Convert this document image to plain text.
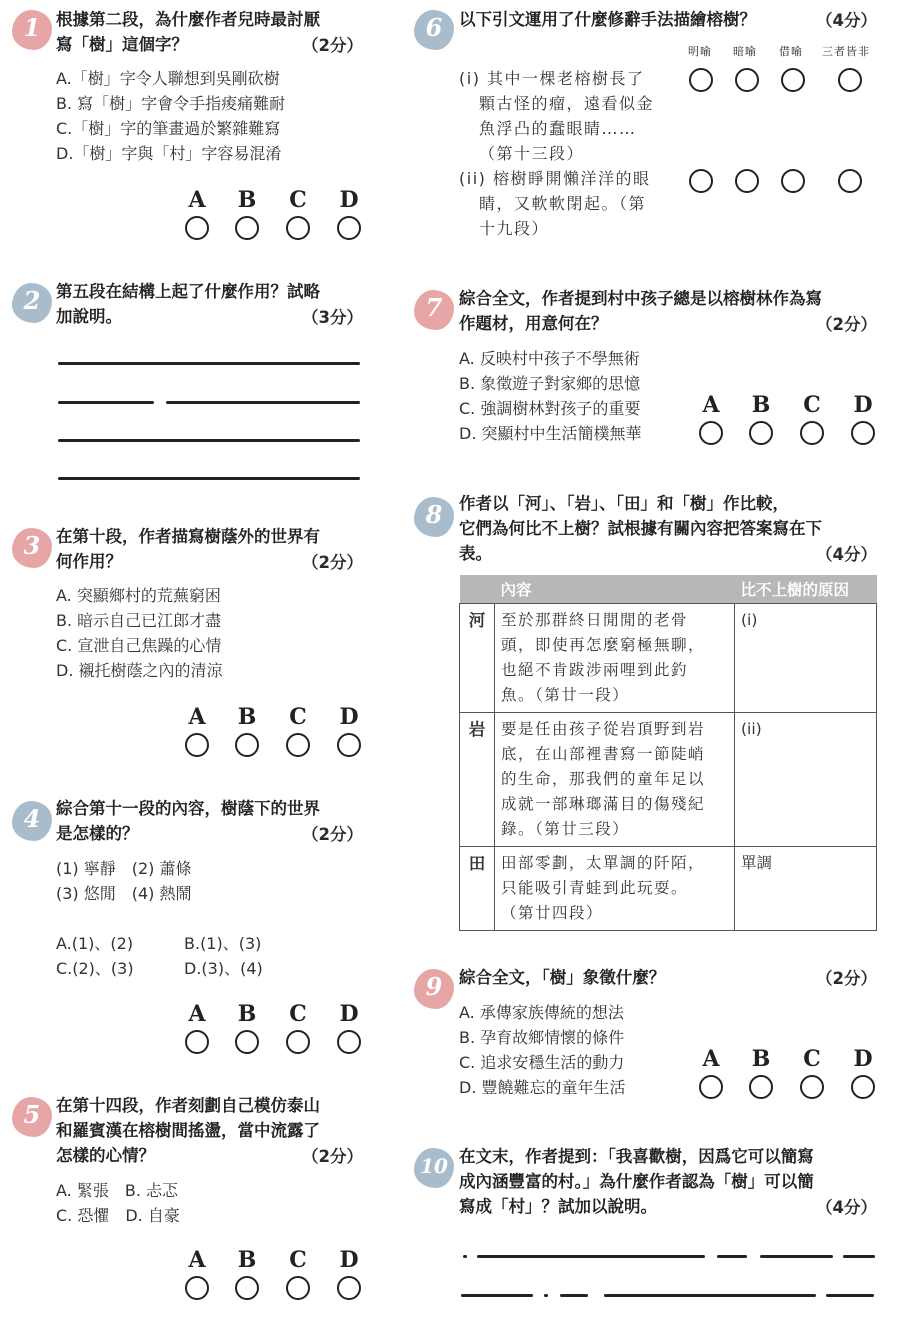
1 根據第二段，為什麼作者兒時最討厭
寫「樹」這個字？	（2分）
A.「樹」字令人聯想到吳剛砍樹
B. 寫「樹」字會令手指痠痛難耐
C.「樹」字的筆畫過於繁雜難寫
D.「樹」字與「村」字容易混淆
A B C D
2 第五段在結構上起了什麼作用？試略
加說明。	（3分）
3 在第十段，作者描寫樹蔭外的世界有
何作用？	（2分）
A. 突顯鄉村的荒蕪窮困
B. 暗示自己已江郎才盡
C. 宣泄自己焦躁的心情
D. 襯托樹蔭之內的清涼
A B C D
4 綜合第十一段的內容，樹蔭下的世界
是怎樣的？	（2分）
(1) 寧靜　(2) 蕭條
(3) 悠閒　(4) 熱鬧
A.(1)、(2)	B.(1)、(3)
C.(2)、(3)	D.(3)、(4)
A B C D
5 在第十四段，作者刻劃自己模仿泰山
和羅賓漢在榕樹間搖盪，當中流露了
怎樣的心情？	（2分）
A. 緊張　B. 忐忑
C. 恐懼　D. 自豪
A B C D
6	以下引文運用了什麼修辭手法描繪榕樹？	（4分）
明喻 暗喻 借喻 三者皆非
(i) 其中一棵老榕樹長了
顆古怪的瘤，遠看似金
魚浮凸的蠢眼睛……
（第十三段）
(ii) 榕樹睜開懶洋洋的眼
睛，又軟軟閉起。（第
十九段）
7	綜合全文，作者提到村中孩子總是以榕樹林作為寫
作題材，用意何在？	（2分）
A. 反映村中孩子不學無術
B. 象徵遊子對家鄉的思憶
C. 強調樹林對孩子的重要
D. 突顯村中生活簡樸無華
A B C D
8	作者以「河」、「岩」、「田」和「樹」作比較，
它們為何比不上樹？試根據有關內容把答案寫在下
表。	（4分）
	內容	比不上樹的原因
河	至於那群終日閒閒的老骨
頭，即使再怎麼窮極無聊，
也絕不肯跋涉兩哩到此釣
魚。（第廿一段）	(i)
岩	要是任由孩子從岩頂野到岩
底，在山部裡書寫一節陡峭
的生命，那我們的童年足以
成就一部琳瑯滿目的傷殘紀
錄。（第廿三段）	(ii)
田	田部零劃，太單調的阡陌，
只能吸引青蛙到此玩耍。
（第廿四段）	單調
9	綜合全文，「樹」象徵什麼？	（2分）
A. 承傳家族傳統的想法
B. 孕育故鄉情懷的條件
C. 追求安穩生活的動力
D. 豐饒難忘的童年生活
A B C D
10 在文末，作者提到：「我喜歡樹，因爲它可以簡寫
成內涵豐富的村。」為什麼作者認為「樹」可以簡
寫成「村」？試加以說明。	（4分）
